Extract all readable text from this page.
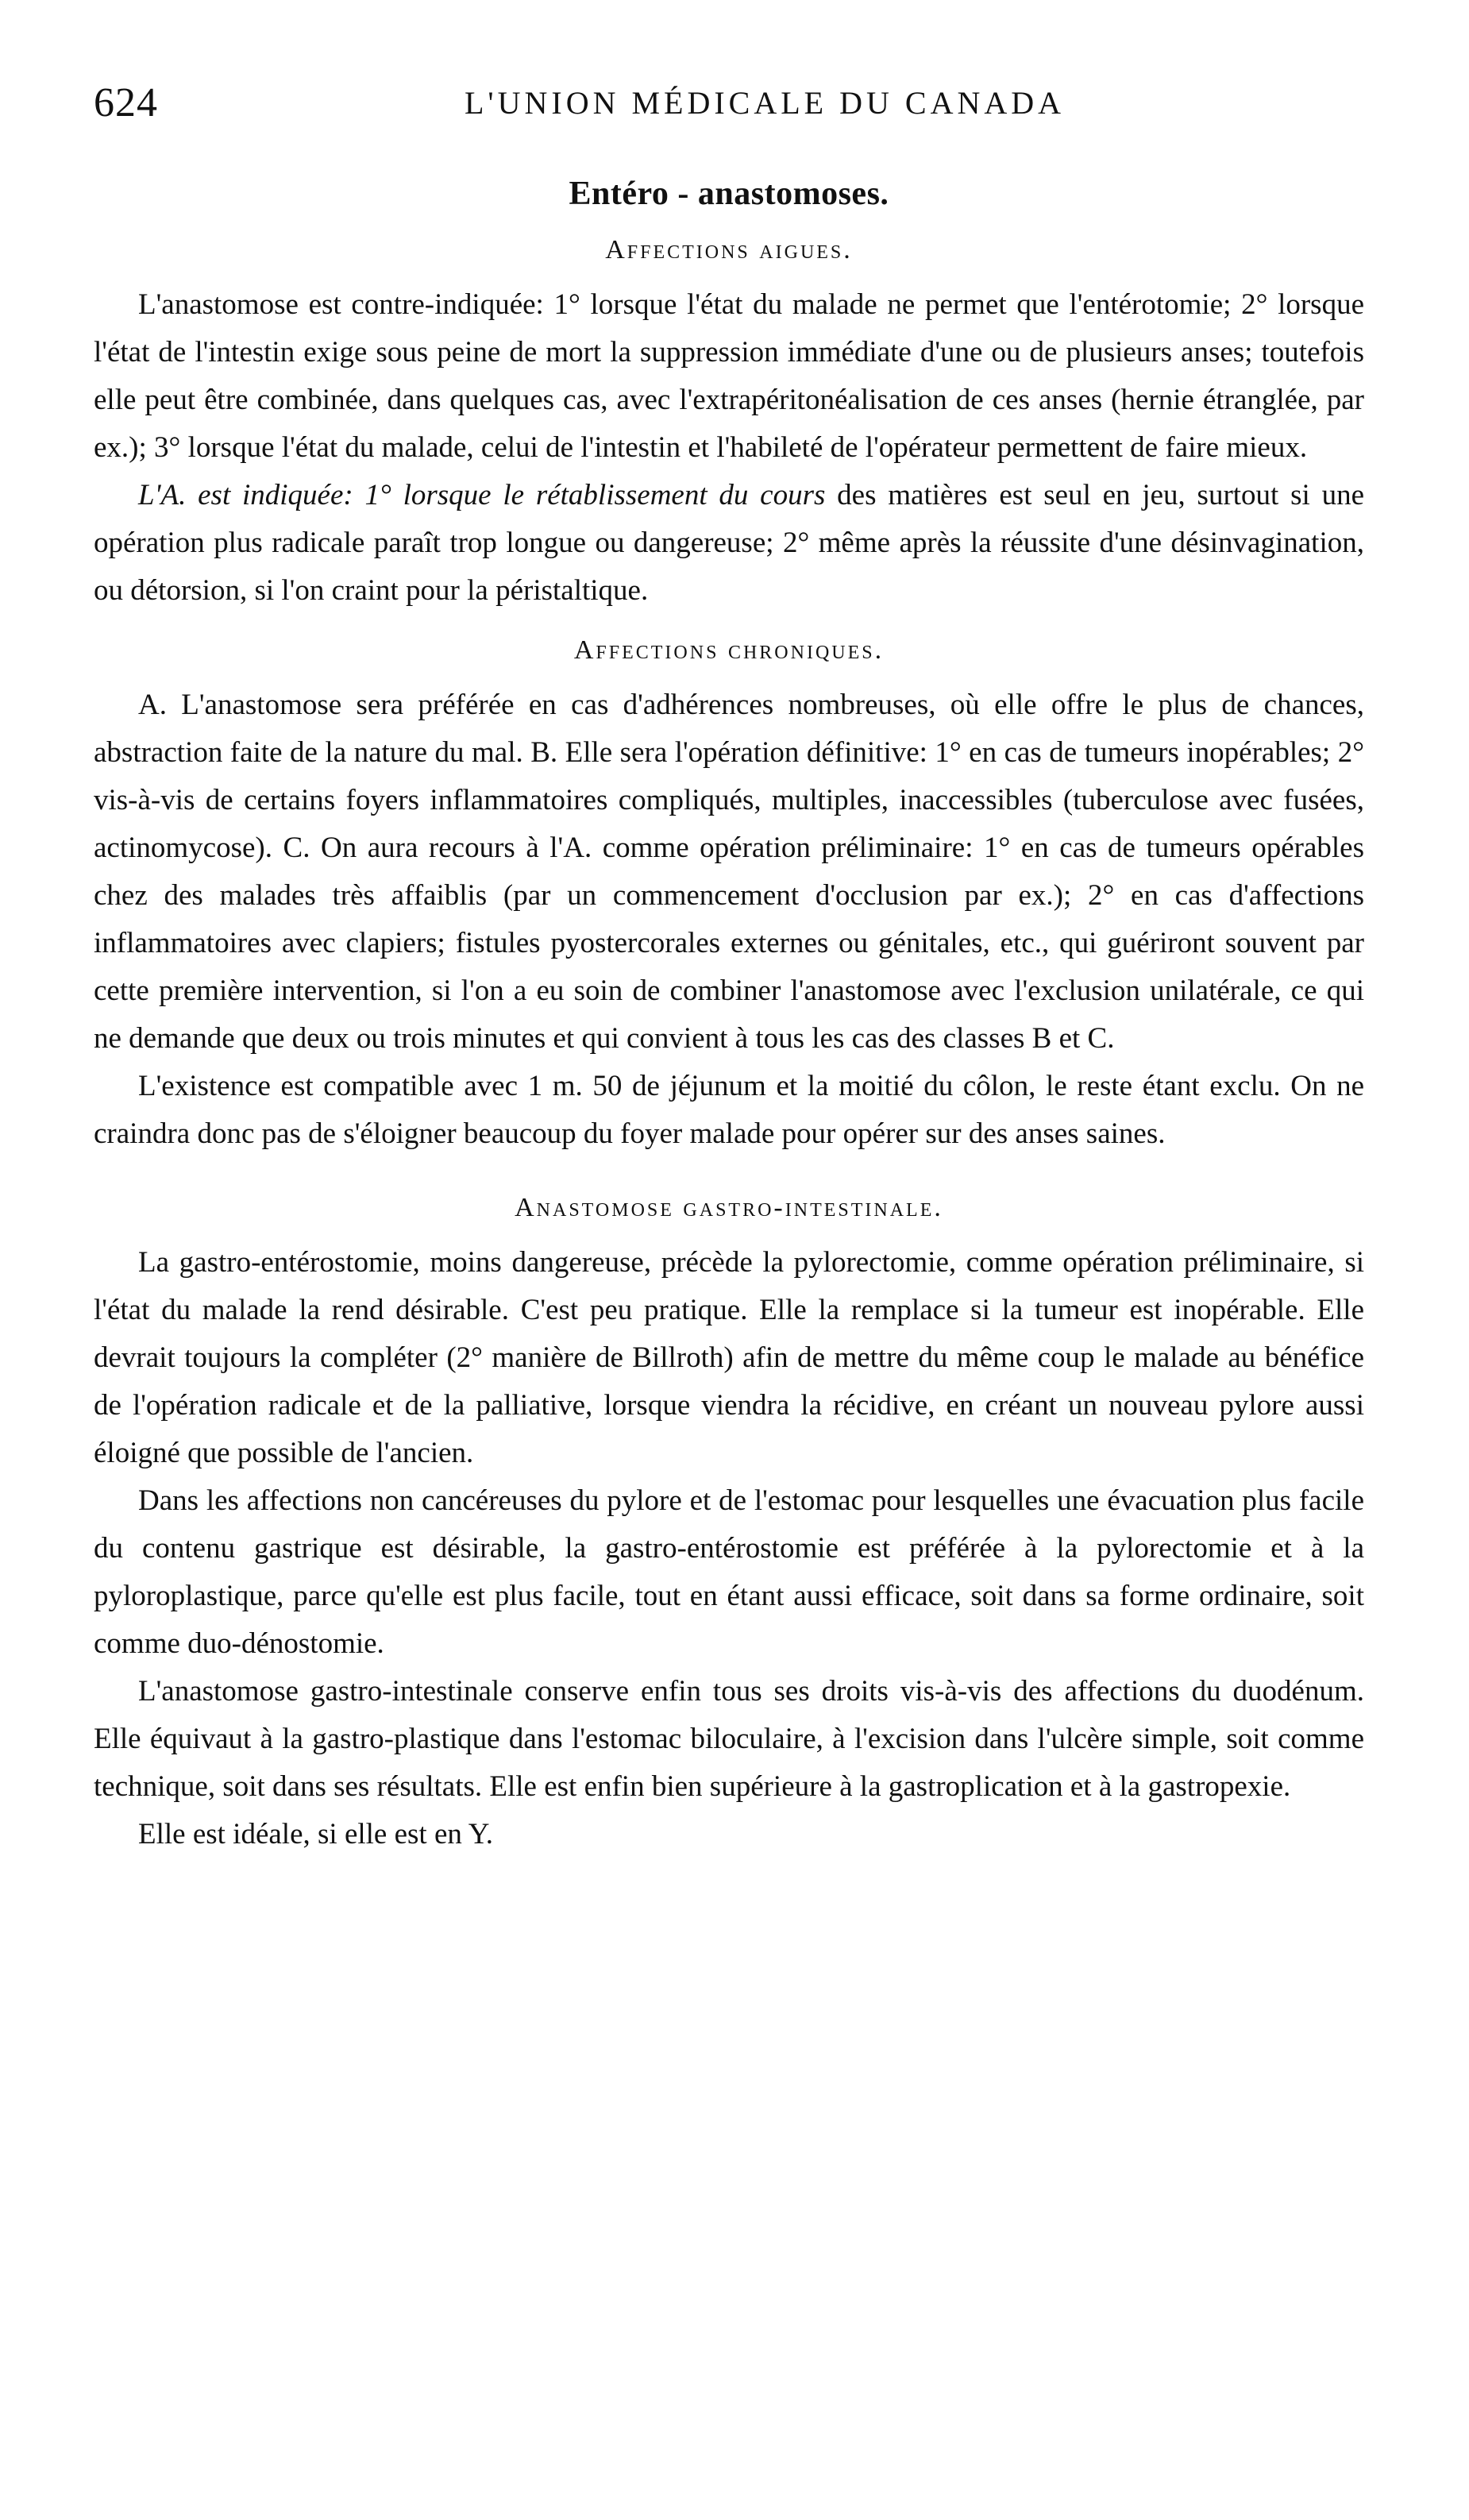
624	L'UNION MÉDICALE DU CANADA
Entéro - anastomoses.
Affections aigues.

L'anastomose est contre-indiquée: 1° lorsque l'état du malade ne permet que l'entérotomie; 2° lorsque l'état de l'intestin exige sous peine de mort la suppression immédiate d'une ou de plusieurs anses; toutefois elle peut être combinée, dans quelques cas, avec l'extrapéritonéalisation de ces anses (hernie étranglée, par ex.); 3° lorsque l'état du malade, celui de l'intestin et l'habileté de l'opérateur permettent de faire mieux.

L'A. est indiquée: 1° lorsque le rétablissement du cours des matières est seul en jeu, surtout si une opération plus radicale paraît trop longue ou dangereuse; 2° même après la réussite d'une désinvagination, ou détorsion, si l'on craint pour la péristaltique.

Affections chroniques.

A. L'anastomose sera préférée en cas d'adhérences nombreuses, où elle offre le plus de chances, abstraction faite de la nature du mal. B. Elle sera l'opération définitive: 1° en cas de tumeurs inopérables; 2° vis-à-vis de certains foyers inflammatoires compliqués, multiples, inaccessibles (tuberculose avec fusées, actinomycose). C. On aura recours à l'A. comme opération préliminaire: 1° en cas de tumeurs opérables chez des malades très affaiblis (par un commencement d'occlusion par ex.); 2° en cas d'affections inflammatoires avec clapiers; fistules pyostercorales externes ou génitales, etc., qui guériront souvent par cette première intervention, si l'on a eu soin de combiner l'anastomose avec l'exclusion unilatérale, ce qui ne demande que deux ou trois minutes et qui convient à tous les cas des classes B et C.

L'existence est compatible avec 1 m. 50 de jéjunum et la moitié du côlon, le reste étant exclu. On ne craindra donc pas de s'éloigner beaucoup du foyer malade pour opérer sur des anses saines.

Anastomose gastro-intestinale.

La gastro-entérostomie, moins dangereuse, précède la pylorectomie, comme opération préliminaire, si l'état du malade la rend désirable. C'est peu pratique. Elle la remplace si la tumeur est inopérable. Elle devrait toujours la compléter (2° manière de Billroth) afin de mettre du même coup le malade au bénéfice de l'opération radicale et de la palliative, lorsque viendra la récidive, en créant un nouveau pylore aussi éloigné que possible de l'ancien.

Dans les affections non cancéreuses du pylore et de l'estomac pour lesquelles une évacuation plus facile du contenu gastrique est désirable, la gastro-entérostomie est préférée à la pylorectomie et à la pyloroplastique, parce qu'elle est plus facile, tout en étant aussi efficace, soit dans sa forme ordinaire, soit comme duo-dénostomie.

L'anastomose gastro-intestinale conserve enfin tous ses droits vis-à-vis des affections du duodénum. Elle équivaut à la gastro-plastique dans l'estomac biloculaire, à l'excision dans l'ulcère simple, soit comme technique, soit dans ses résultats. Elle est enfin bien supérieure à la gastroplication et à la gastropexie.

Elle est idéale, si elle est en Y.
